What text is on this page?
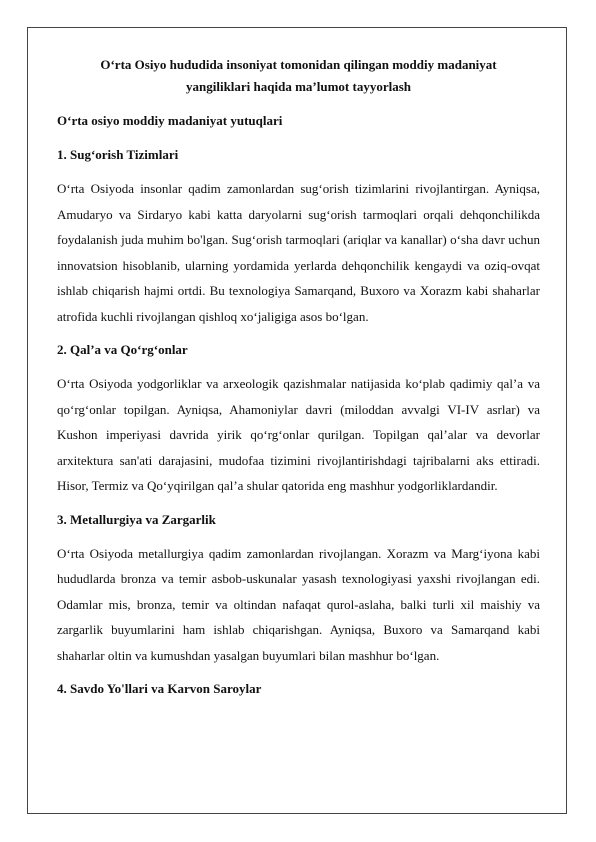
O‘rta Osiyo hududida insoniyat tomonidan qilingan moddiy madaniyat
yangiliklari haqida ma’lumot tayyorlash
O‘rta osiyo moddiy madaniyat yutuqlari
1. Sug‘orish Tizimlari

O‘rta Osiyoda insonlar qadim zamonlardan sug‘orish tizimlarini rivojlantirgan. Ayniqsa, Amudaryo va Sirdaryo kabi katta daryolarni sug‘orish tarmoqlari orqali dehqonchilikda foydalanish juda muhim bo'lgan. Sug‘orish tarmoqlari (ariqlar va kanallar) o‘sha davr uchun innovatsion hisoblanib, ularning yordamida yerlarda dehqonchilik kengaydi va oziq-ovqat ishlab chiqarish hajmi ortdi. Bu texnologiya Samarqand, Buxoro va Xorazm kabi shaharlar atrofida kuchli rivojlangan qishloq xo‘jaligiga asos bo‘lgan.

2. Qal’a va Qo‘rg‘onlar

O‘rta Osiyoda yodgorliklar va arxeologik qazishmalar natijasida ko‘plab qadimiy qal’a va qo‘rg‘onlar topilgan. Ayniqsa, Ahamoniylar davri (miloddan avvalgi VI-IV asrlar) va Kushon imperiyasi davrida yirik qo‘rg‘onlar qurilgan. Topilgan qal’alar va devorlar arxitektura san'ati darajasini, mudofaa tizimini rivojlantirishdagi tajribalarni aks ettiradi. Hisor, Termiz va Qo‘yqirilgan qal’a shular qatorida eng mashhur yodgorliklardandir.

3. Metallurgiya va Zargarlik

O‘rta Osiyoda metallurgiya qadim zamonlardan rivojlangan. Xorazm va Marg‘iyona kabi hududlarda bronza va temir asbob-uskunalar yasash texnologiyasi yaxshi rivojlangan edi. Odamlar mis, bronza, temir va oltindan nafaqat qurol-aslaha, balki turli xil maishiy va zargarlik buyumlarini ham ishlab chiqarishgan. Ayniqsa, Buxoro va Samarqand kabi shaharlar oltin va kumushdan yasalgan buyumlari bilan mashhur bo‘lgan.

4. Savdo Yo'llari va Karvon Saroylar
